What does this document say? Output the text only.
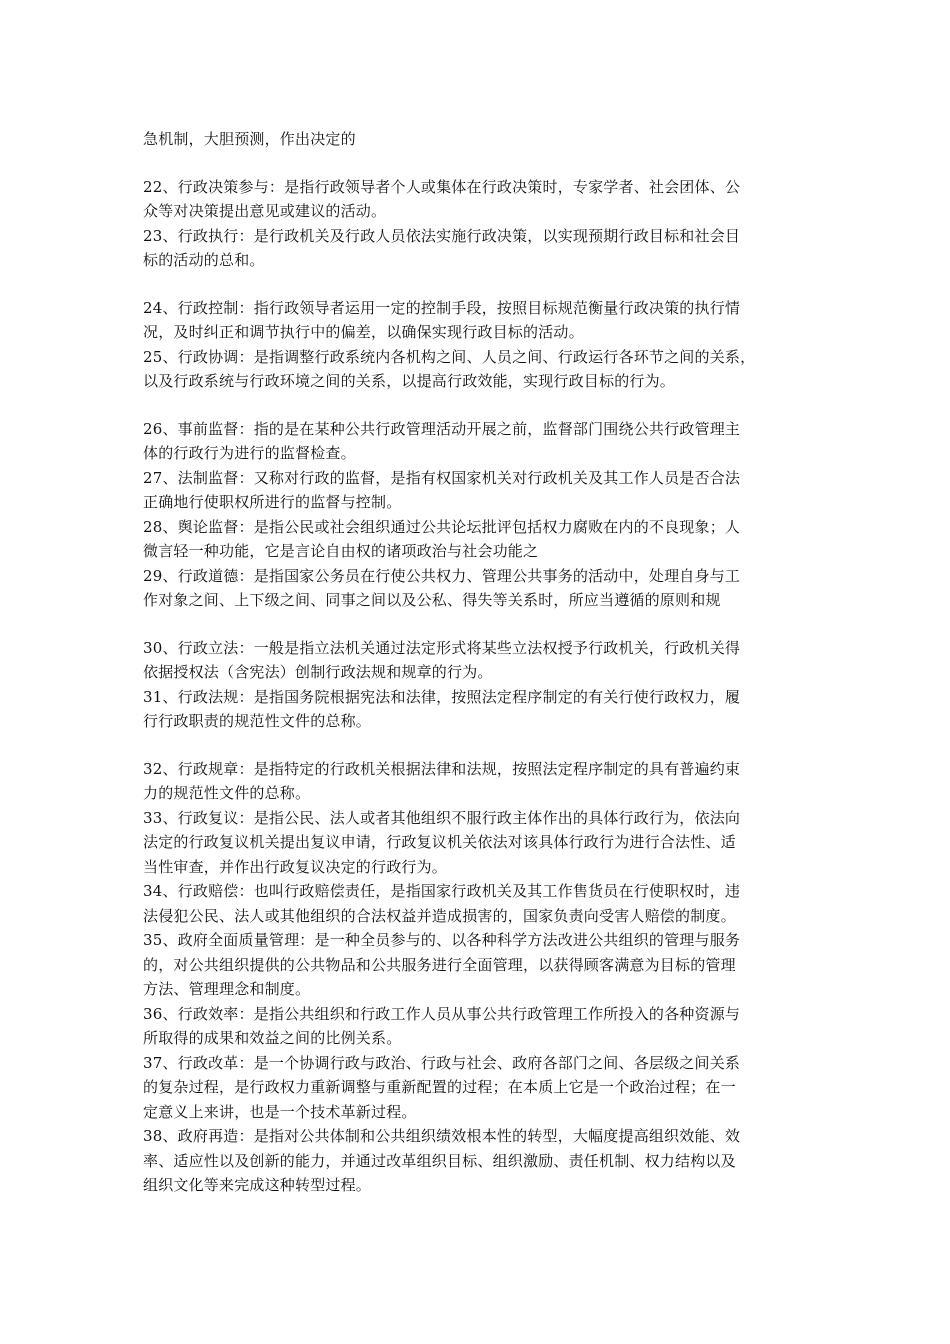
急机制，大胆预测，作出决定的
22、行政决策参与：是指行政领导者个人或集体在行政决策时，专家学者、社会团体、公
众等对决策提出意见或建议的活动。
23、行政执行：是行政机关及行政人员依法实施行政决策，以实现预期行政目标和社会目
标的活动的总和。
24、行政控制：指行政领导者运用一定的控制手段，按照目标规范衡量行政决策的执行情
况，及时纠正和调节执行中的偏差，以确保实现行政目标的活动。
25、行政协调：是指调整行政系统内各机构之间、人员之间、行政运行各环节之间的关系，
以及行政系统与行政环境之间的关系，以提高行政效能，实现行政目标的行为。
26、事前监督：指的是在某种公共行政管理活动开展之前，监督部门围绕公共行政管理主
体的行政行为进行的监督检查。
27、法制监督：又称对行政的监督，是指有权国家机关对行政机关及其工作人员是否合法
正确地行使职权所进行的监督与控制。
28、舆论监督：是指公民或社会组织通过公共论坛批评包括权力腐败在内的不良现象；人
微言轻一种功能，它是言论自由权的诸项政治与社会功能之
29、行政道德：是指国家公务员在行使公共权力、管理公共事务的活动中，处理自身与工
作对象之间、上下级之间、同事之间以及公私、得失等关系时，所应当遵循的原则和规
30、行政立法：一般是指立法机关通过法定形式将某些立法权授予行政机关，行政机关得
依据授权法（含宪法）创制行政法规和规章的行为。
31、行政法规：是指国务院根据宪法和法律，按照法定程序制定的有关行使行政权力，履
行行政职责的规范性文件的总称。
32、行政规章：是指特定的行政机关根据法律和法规，按照法定程序制定的具有普遍约束
力的规范性文件的总称。
33、行政复议：是指公民、法人或者其他组织不服行政主体作出的具体行政行为，依法向
法定的行政复议机关提出复议申请，行政复议机关依法对该具体行政行为进行合法性、适
当性审查，并作出行政复议决定的行政行为。
34、行政赔偿：也叫行政赔偿责任，是指国家行政机关及其工作售货员在行使职权时，违
法侵犯公民、法人或其他组织的合法权益并造成损害的，国家负责向受害人赔偿的制度。
35、政府全面质量管理：是一种全员参与的、以各种科学方法改进公共组织的管理与服务
的，对公共组织提供的公共物品和公共服务进行全面管理，以获得顾客满意为目标的管理
方法、管理理念和制度。
36、行政效率：是指公共组织和行政工作人员从事公共行政管理工作所投入的各种资源与
所取得的成果和效益之间的比例关系。
37、行政改革：是一个协调行政与政治、行政与社会、政府各部门之间、各层级之间关系
的复杂过程，是行政权力重新调整与重新配置的过程；在本质上它是一个政治过程；在一
定意义上来讲，也是一个技术革新过程。
38、政府再造：是指对公共体制和公共组织绩效根本性的转型，大幅度提高组织效能、效
率、适应性以及创新的能力，并通过改革组织目标、组织激励、责任机制、权力结构以及
组织文化等来完成这种转型过程。
